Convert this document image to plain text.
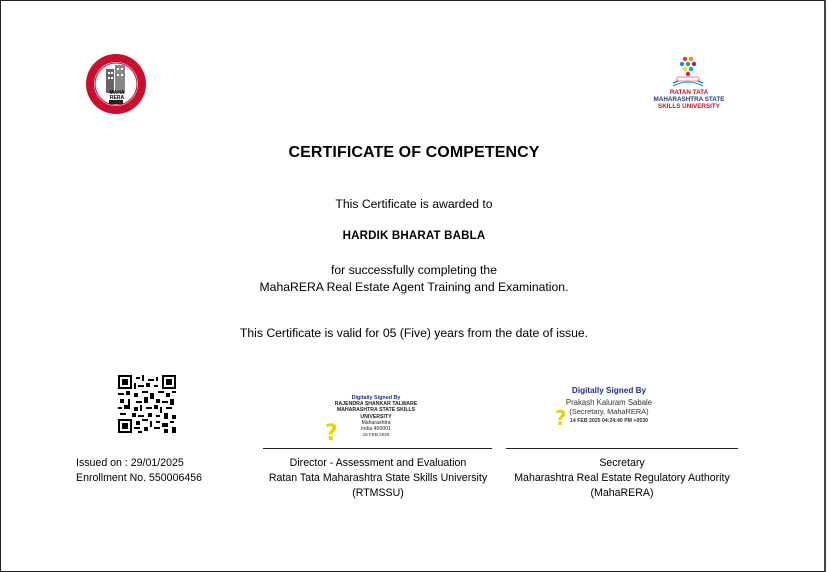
MAHA
RERA
RATAN TATA
MAHARASHTRA STATE
SKILLS UNIVERSITY
CERTIFICATE OF COMPETENCY
This Certificate is awarded to
HARDIK BHARAT BABLA
for successfully completing the
MahaRERA Real Estate Agent Training and Examination.
This Certificate is valid for 05 (Five) years from the date of issue.
Issued on : 29/01/2025
Enrollment No. 550006456
Digitally Signed By
RAJENDRA SHANKAR TALWARE
MAHARASHTRA STATE SKILLS
UNIVERSITY
Maharashtra
India 400001
15 FEB 2025
?
Director - Assessment and Evaluation
Ratan Tata Maharashtra State Skills University
(RTMSSU)
Digitally Signed By
Prakash Kaluram Sabale
(Secretary, MahaRERA)
14 FEB 2025 04:24:40 PM +0530
?
Secretary
Maharashtra Real Estate Regulatory Authority
(MahaRERA)
